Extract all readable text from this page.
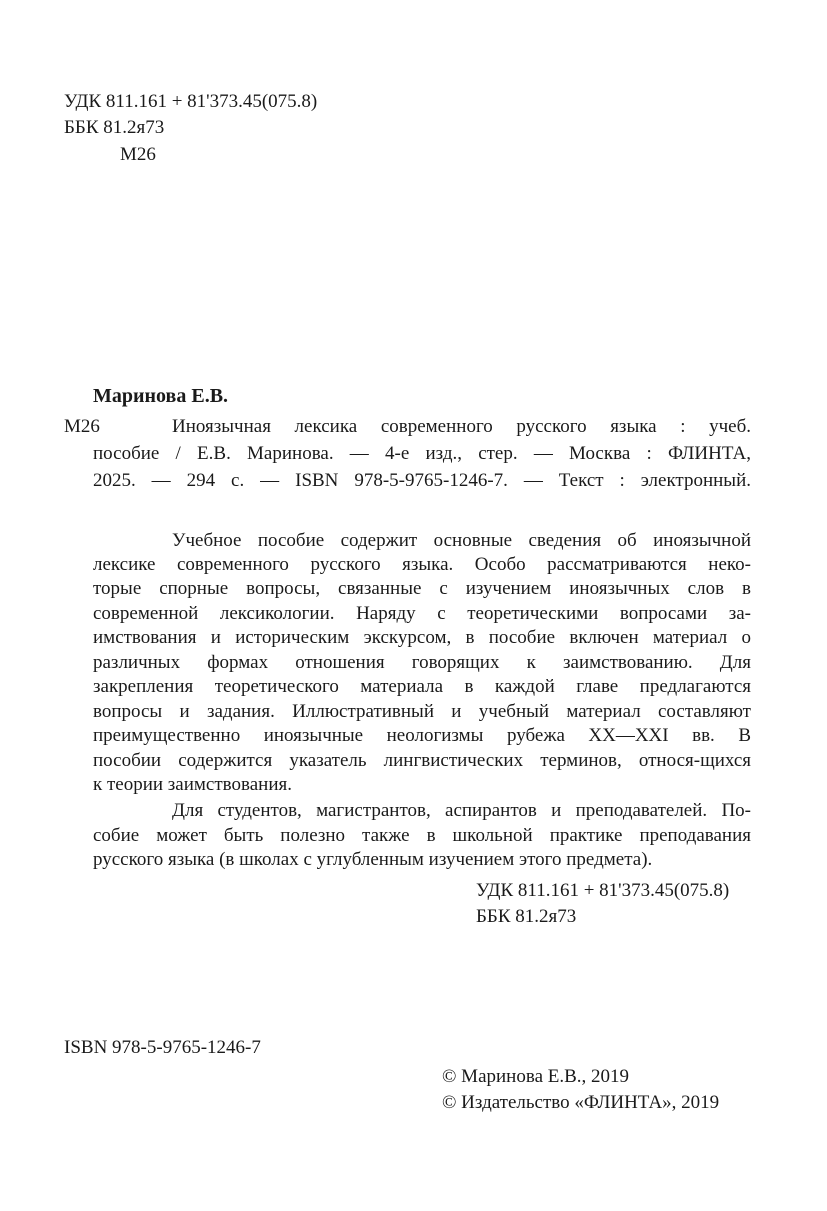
УДК 811.161 + 81'373.45(075.8)
ББК 81.2я73
М26
Маринова Е.В.
М26	Иноязычная лексика современного русского языка : учеб.
пособие / Е.В. Маринова. — 4-е изд., стер. — Москва : ФЛИНТА,
2025. — 294 с. — ISBN 978-5-9765-1246-7. — Текст : электронный.
Учебное пособие содержит основные сведения об иноязычной
лексике современного русского языка. Особо рассматриваются неко-
торые спорные вопросы, связанные с изучением иноязычных слов в
современной лексикологии. Наряду с теоретическими вопросами за-
имствования и историческим экскурсом, в пособие включен материал о
различных формах отношения говорящих к заимствованию. Для
закрепления теоретического материала в каждой главе предлагаются
вопросы и задания. Иллюстративный и учебный материал составляют
преимущественно иноязычные неологизмы рубежа XX—XXI вв. В
пособии содержится указатель лингвистических терминов, относя-щихся
к теории заимствования.
Для студентов, магистрантов, аспирантов и преподавателей. По-
собие может быть полезно также в школьной практике преподавания
русского языка (в школах с углубленным изучением этого предмета).
УДК 811.161 + 81'373.45(075.8)
ББК 81.2я73
ISBN 978-5-9765-1246-7
© Маринова Е.В., 2019
© Издательство «ФЛИНТА», 2019
